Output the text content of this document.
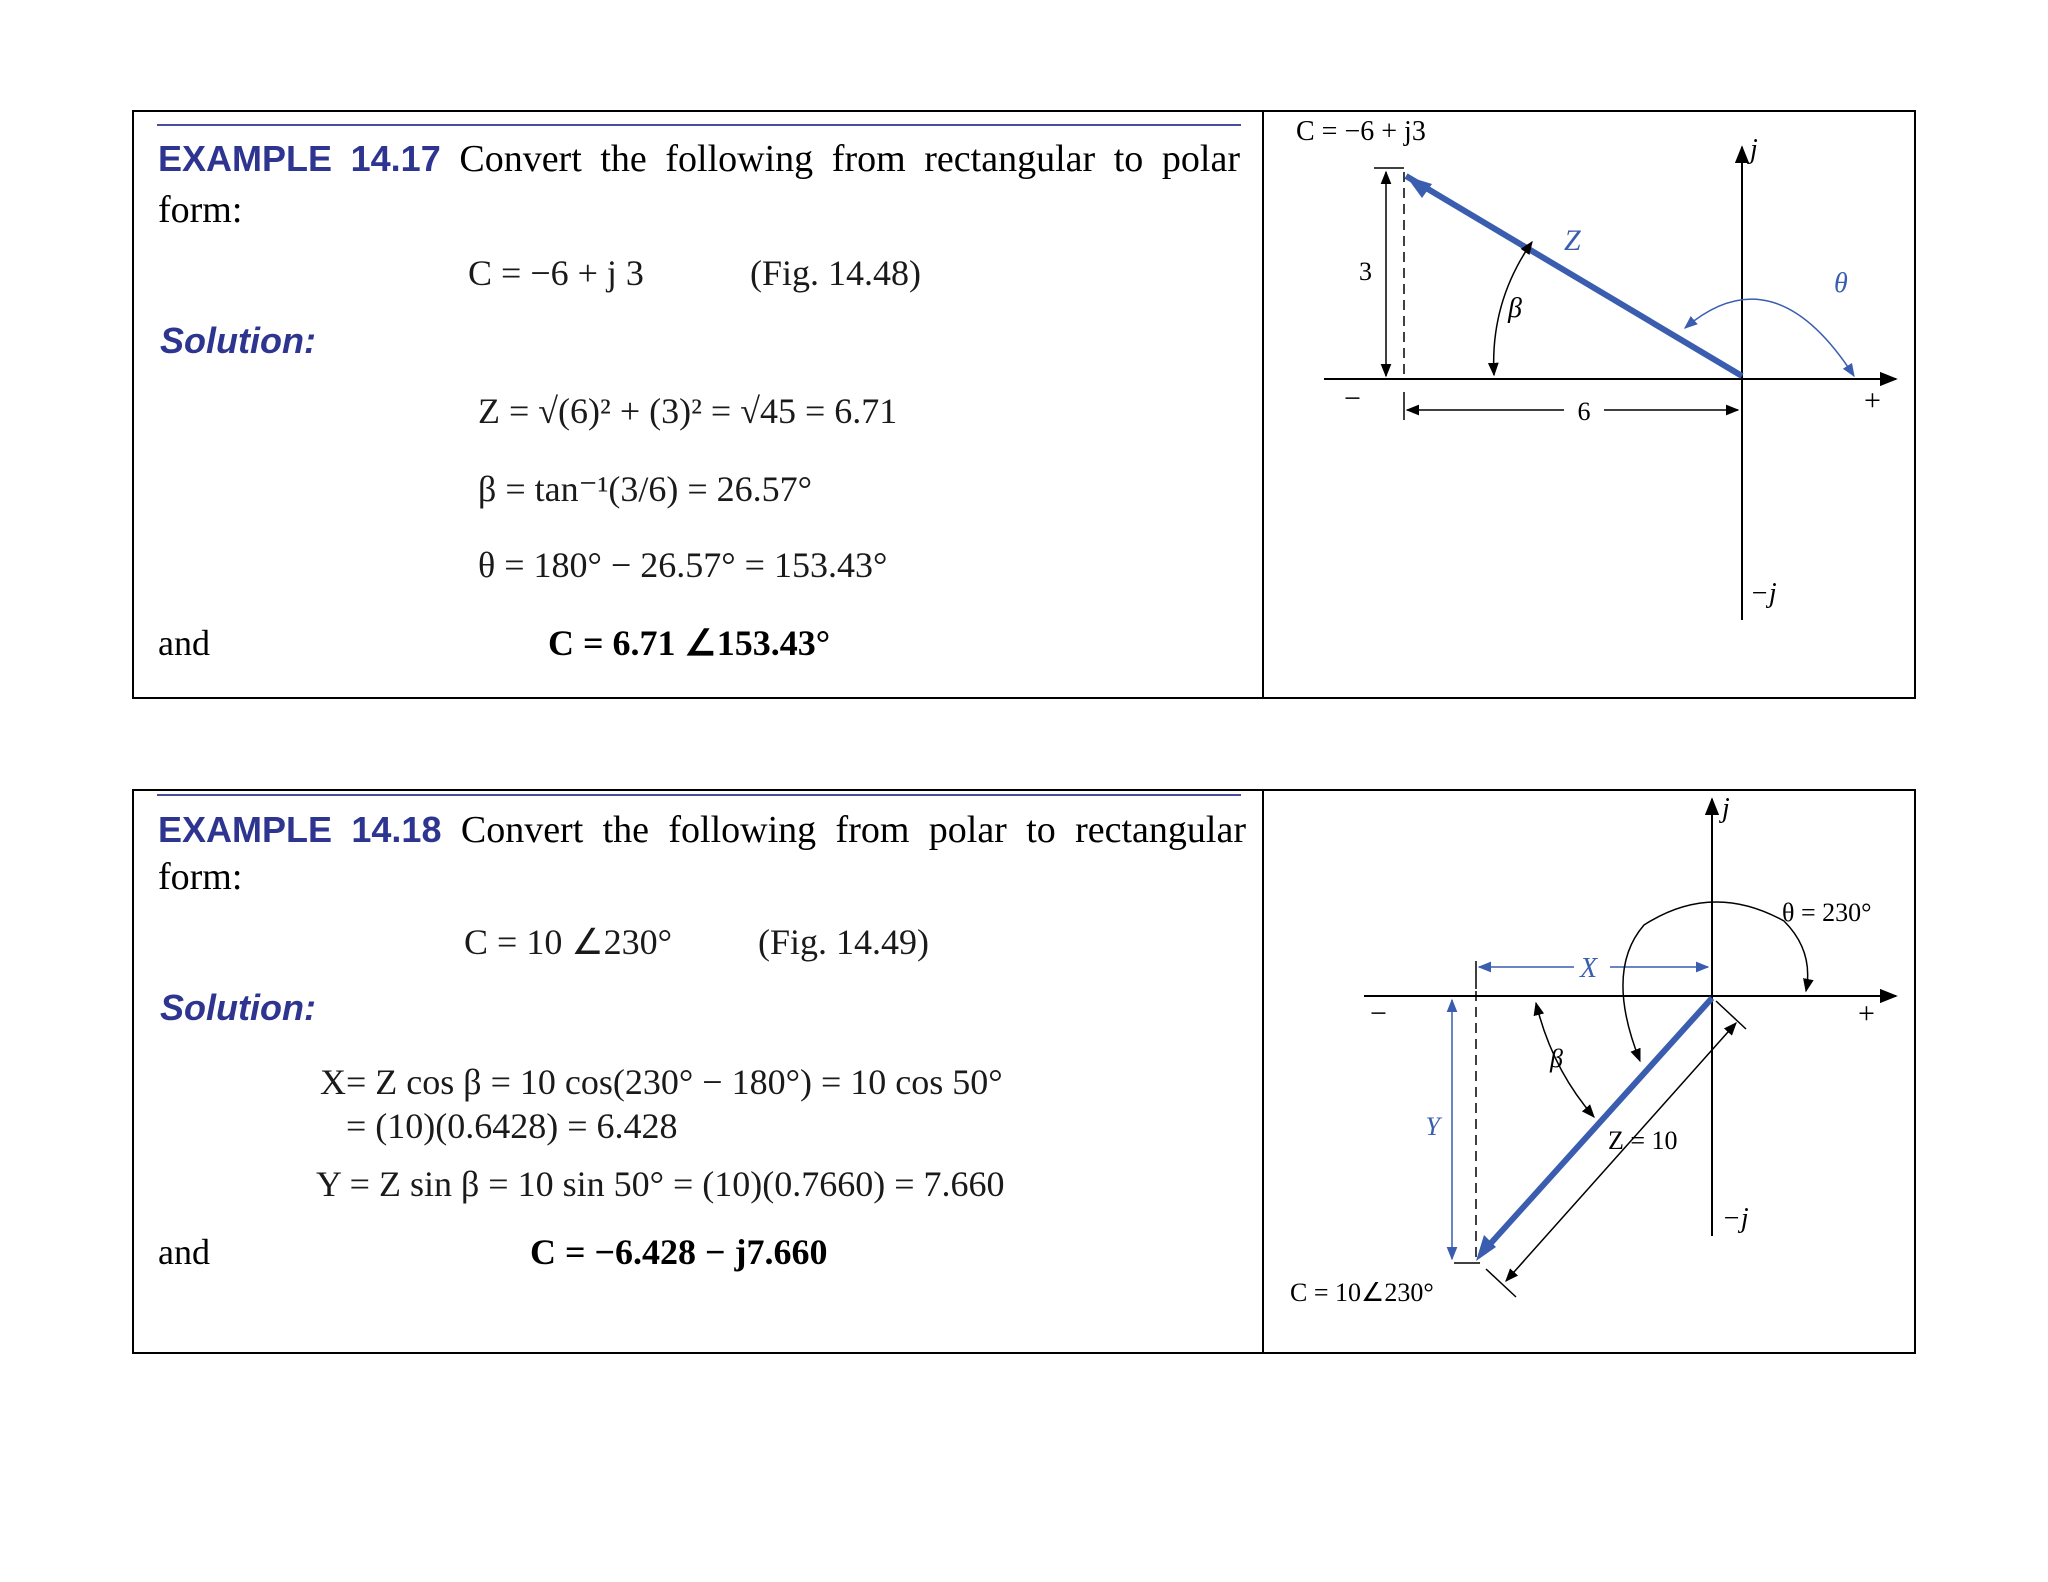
EXAMPLE 14.17 Convert the following from rectangular to polar
form:
C = −6 + j 3	(Fig. 14.48)
Solution:
Z = √(6)² + (3)² = √45 = 6.71
β = tan⁻¹(3/6) = 26.57°
θ = 180° − 26.57° = 153.43°
and	C = 6.71 ∠153.43°
C = −6 + j3
Z
θ
β
3
6
−	+
j
−j
EXAMPLE 14.18 Convert the following from polar to rectangular
form:
C = 10 ∠230° (Fig. 14.49)
Solution:
X= Z cos β = 10 cos(230° − 180°) = 10 cos 50°
= (10)(0.6428) = 6.428
Y = Z sin β = 10 sin 50° = (10)(0.7660) = 7.660
and	C = −6.428 − j7.660
j
θ = 230°
X
−	+
β
Y	Z = 10
−j
C = 10∠230°
